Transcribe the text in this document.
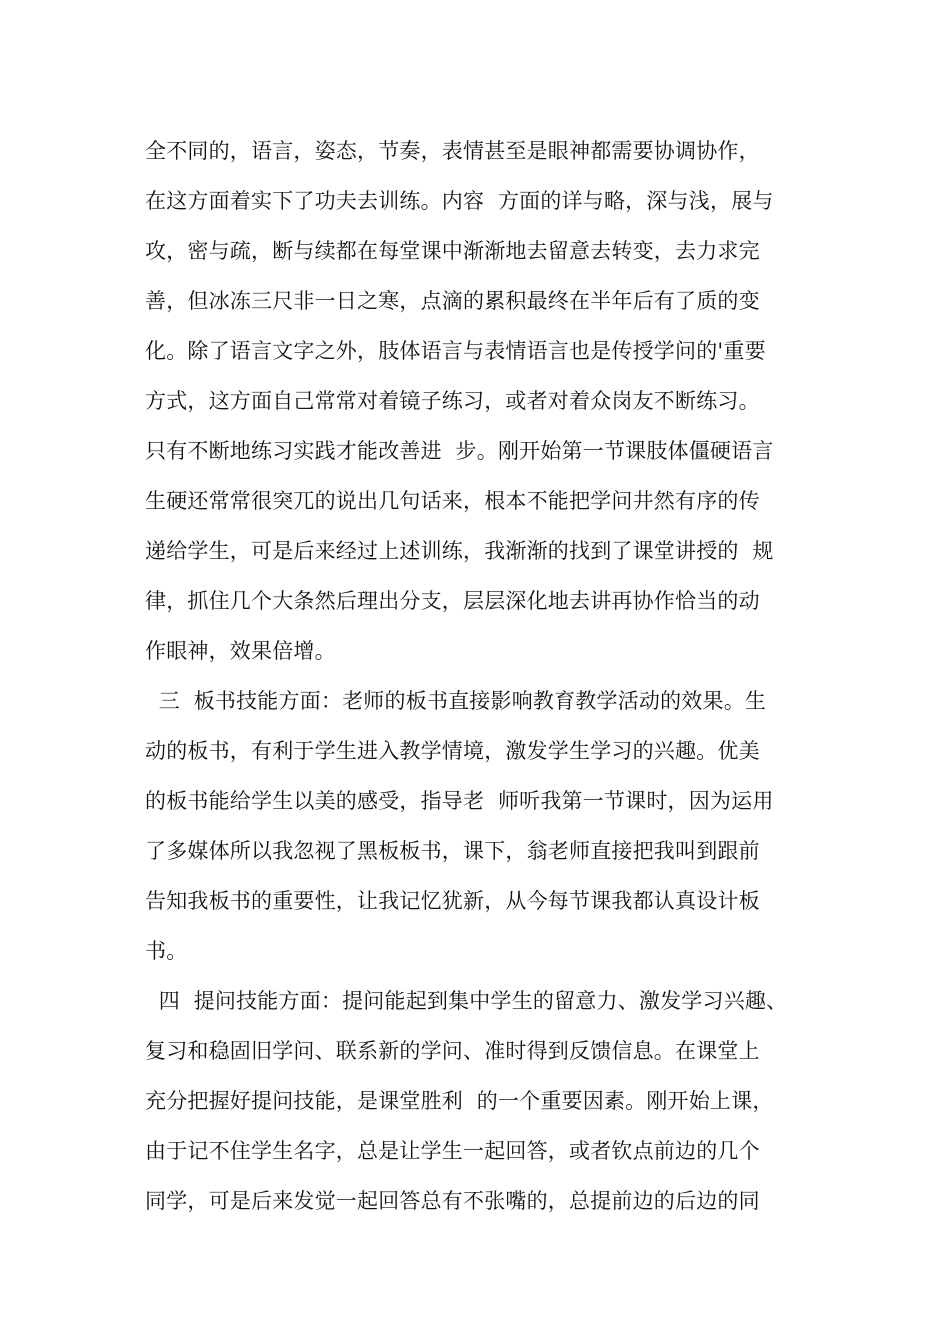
全不同的，语言，姿态，节奏，表情甚至是眼神都需要协调协作，
在这方面着实下了功夫去训练。内容  方面的详与略，深与浅，展与
攻，密与疏，断与续都在每堂课中渐渐地去留意去转变，去力求完
善，但冰冻三尺非一日之寒，点滴的累积最终在半年后有了质的变
化。除了语言文字之外，肢体语言与表情语言也是传授学问的'重要
方式，这方面自己常常对着镜子练习，或者对着众岗友不断练习。
只有不断地练习实践才能改善进  步。刚开始第一节课肢体僵硬语言
生硬还常常很突兀的说出几句话来，根本不能把学问井然有序的传
递给学生，可是后来经过上述训练，我渐渐的找到了课堂讲授的  规
律，抓住几个大条然后理出分支，层层深化地去讲再协作恰当的动
作眼神，效果倍增。
三  板书技能方面：老师的板书直接影响教育教学活动的效果。生
动的板书，有利于学生进入教学情境，激发学生学习的兴趣。优美
的板书能给学生以美的感受，指导老  师听我第一节课时，因为运用
了多媒体所以我忽视了黑板板书，课下，翁老师直接把我叫到跟前
告知我板书的重要性，让我记忆犹新，从今每节课我都认真设计板
书。
四  提问技能方面：提问能起到集中学生的留意力、激发学习兴趣、
复习和稳固旧学问、联系新的学问、准时得到反馈信息。在课堂上
充分把握好提问技能，是课堂胜利  的一个重要因素。刚开始上课，
由于记不住学生名字，总是让学生一起回答，或者钦点前边的几个
同学，可是后来发觉一起回答总有不张嘴的，总提前边的后边的同
